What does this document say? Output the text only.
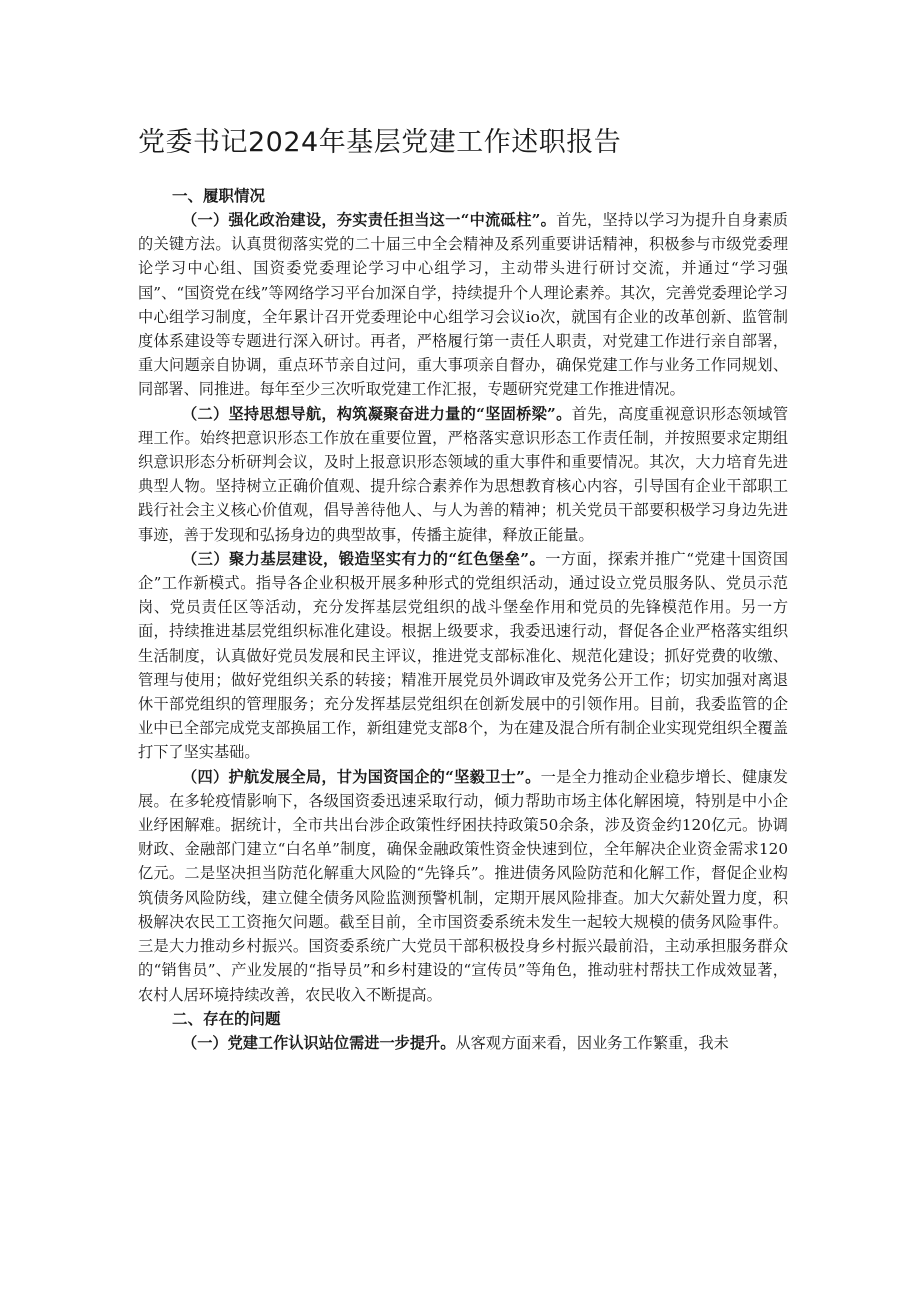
党委书记2024年基层党建工作述职报告

一、履职情况

（一）强化政治建设，夯实责任担当这一“中流砥柱”。首先，坚持以学习为提升自身素质的关键方法。认真贯彻落实党的二十届三中全会精神及系列重要讲话精神，积极参与市级党委理论学习中心组、国资委党委理论学习中心组学习，主动带头进行研讨交流，并通过“学习强国”、“国资党在线”等网络学习平台加深自学，持续提升个人理论素养。其次，完善党委理论学习中心组学习制度，全年累计召开党委理论中心组学习会议io次，就国有企业的改革创新、监管制度体系建设等专题进行深入研讨。再者，严格履行第一责任人职责，对党建工作进行亲自部署，重大问题亲自协调，重点环节亲自过问，重大事项亲自督办，确保党建工作与业务工作同规划、同部署、同推进。每年至少三次听取党建工作汇报，专题研究党建工作推进情况。

（二）坚持思想导航，构筑凝聚奋进力量的“坚固桥梁”。首先，高度重视意识形态领域管理工作。始终把意识形态工作放在重要位置，严格落实意识形态工作责任制，并按照要求定期组织意识形态分析研判会议，及时上报意识形态领域的重大事件和重要情况。其次，大力培育先进典型人物。坚持树立正确价值观、提升综合素养作为思想教育核心内容，引导国有企业干部职工践行社会主义核心价值观，倡导善待他人、与人为善的精神；机关党员干部要积极学习身边先进事迹，善于发现和弘扬身边的典型故事，传播主旋律，释放正能量。

（三）聚力基层建设，锻造坚实有力的“红色堡垒”。一方面，探索并推广“党建十国资国企”工作新模式。指导各企业积极开展多种形式的党组织活动，通过设立党员服务队、党员示范岗、党员责任区等活动，充分发挥基层党组织的战斗堡垒作用和党员的先锋模范作用。另一方面，持续推进基层党组织标准化建设。根据上级要求，我委迅速行动，督促各企业严格落实组织生活制度，认真做好党员发展和民主评议，推进党支部标准化、规范化建设；抓好党费的收缴、管理与使用；做好党组织关系的转接；精准开展党员外调政审及党务公开工作；切实加强对离退休干部党组织的管理服务；充分发挥基层党组织在创新发展中的引领作用。目前，我委监管的企业中已全部完成党支部换届工作，新组建党支部8个，为在建及混合所有制企业实现党组织全覆盖打下了坚实基础。

（四）护航发展全局，甘为国资国企的“坚毅卫士”。一是全力推动企业稳步增长、健康发展。在多轮疫情影响下，各级国资委迅速采取行动，倾力帮助市场主体化解困境，特别是中小企业纾困解难。据统计，全市共出台涉企政策性纾困扶持政策50余条，涉及资金约120亿元。协调财政、金融部门建立“白名单”制度，确保金融政策性资金快速到位，全年解决企业资金需求120亿元。二是坚决担当防范化解重大风险的“先锋兵”。推进债务风险防范和化解工作，督促企业构筑债务风险防线，建立健全债务风险监测预警机制，定期开展风险排查。加大欠薪处置力度，积极解决农民工工资拖欠问题。截至目前，全市国资委系统未发生一起较大规模的债务风险事件。三是大力推动乡村振兴。国资委系统广大党员干部积极投身乡村振兴最前沿，主动承担服务群众的“销售员”、产业发展的“指导员”和乡村建设的“宣传员”等角色，推动驻村帮扶工作成效显著，农村人居环境持续改善，农民收入不断提高。

二、存在的问题

（一）党建工作认识站位需进一步提升。从客观方面来看，因业务工作繁重，我未
